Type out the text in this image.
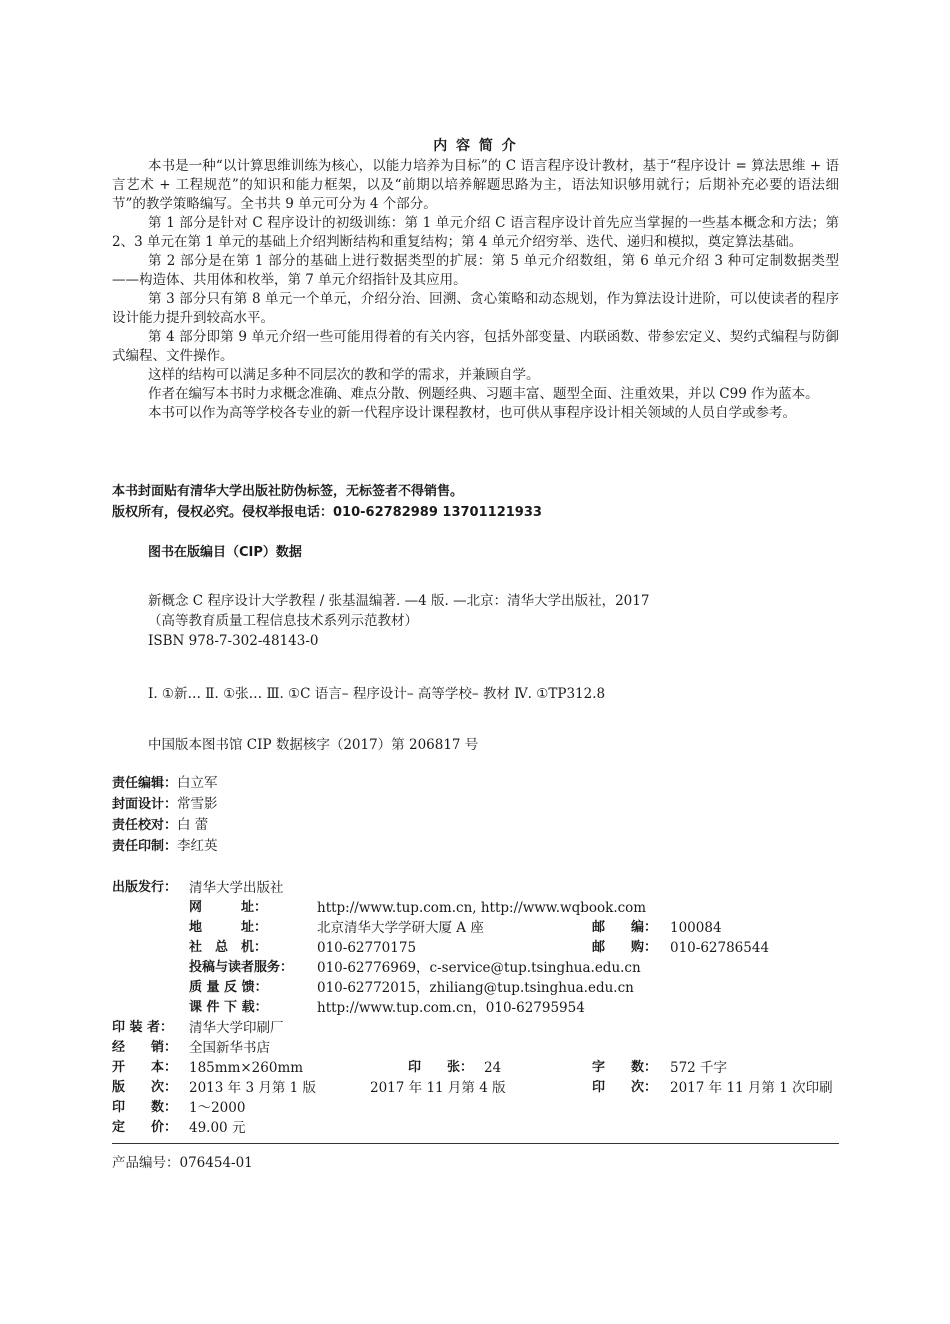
内 容 简 介

本书是一种“以计算思维训练为核心，以能力培养为目标”的 C 语言程序设计教材，基于“程序设计 = 算法思维 + 语言艺术 + 工程规范”的知识和能力框架，以及“前期以培养解题思路为主，语法知识够用就行；后期补充必要的语法细节”的教学策略编写。全书共 9 单元可分为 4 个部分。

第 1 部分是针对 C 程序设计的初级训练：第 1 单元介绍 C 语言程序设计首先应当掌握的一些基本概念和方法；第 2、3 单元在第 1 单元的基础上介绍判断结构和重复结构；第 4 单元介绍穷举、迭代、递归和模拟，奠定算法基础。

第 2 部分是在第 1 部分的基础上进行数据类型的扩展：第 5 单元介绍数组，第 6 单元介绍 3 种可定制数据类型——构造体、共用体和枚举，第 7 单元介绍指针及其应用。

第 3 部分只有第 8 单元一个单元，介绍分治、回溯、贪心策略和动态规划，作为算法设计进阶，可以使读者的程序设计能力提升到较高水平。

第 4 部分即第 9 单元介绍一些可能用得着的有关内容，包括外部变量、内联函数、带参宏定义、契约式编程与防御式编程、文件操作。

这样的结构可以满足多种不同层次的教和学的需求，并兼顾自学。

作者在编写本书时力求概念准确、难点分散、例题经典、习题丰富、题型全面、注重效果，并以 C99 作为蓝本。

本书可以作为高等学校各专业的新一代程序设计课程教材，也可供从事程序设计相关领域的人员自学或参考。

本书封面贴有清华大学出版社防伪标签，无标签者不得销售。
版权所有，侵权必究。侵权举报电话：010-62782989 13701121933
图书在版编目（CIP）数据
新概念 C 程序设计大学教程 / 张基温编著. —4 版. —北京：清华大学出版社，2017
（高等教育质量工程信息技术系列示范教材）
ISBN 978-7-302-48143-0
Ⅰ. ①新… Ⅱ. ①张… Ⅲ. ①C 语言– 程序设计– 高等学校– 教材 Ⅳ. ①TP312.8
中国版本图书馆 CIP 数据核字（2017）第 206817 号
责任编辑：白立军
封面设计：常雪影
责任校对：白 蕾
责任印制：李红英
出版发行： 清华大学出版社
网　　　址：	http://www.tup.com.cn, http://www.wqbook.com
地　　　址：	北京清华大学学研大厦 A 座	邮　　编： 100084
社　总　机：	010-62770175	邮　　购： 010-62786544
投稿与读者服务： 010-62776969，c-service@tup.tsinghua.edu.cn
质 量 反 馈：	010-62772015，zhiliang@tup.tsinghua.edu.cn
课 件 下 载：	http://www.tup.com.cn，010-62795954
印 装 者： 清华大学印刷厂
经　　销： 全国新华书店
开　　本： 185mm×260mm	印　　张： 24	字　　数： 572 千字
版　　次： 2013 年 3 月第 1 版	2017 年 11 月第 4 版	印　　次： 2017 年 11 月第 1 次印刷
印　　数： 1～2000
定　　价： 49.00 元
产品编号：076454-01
